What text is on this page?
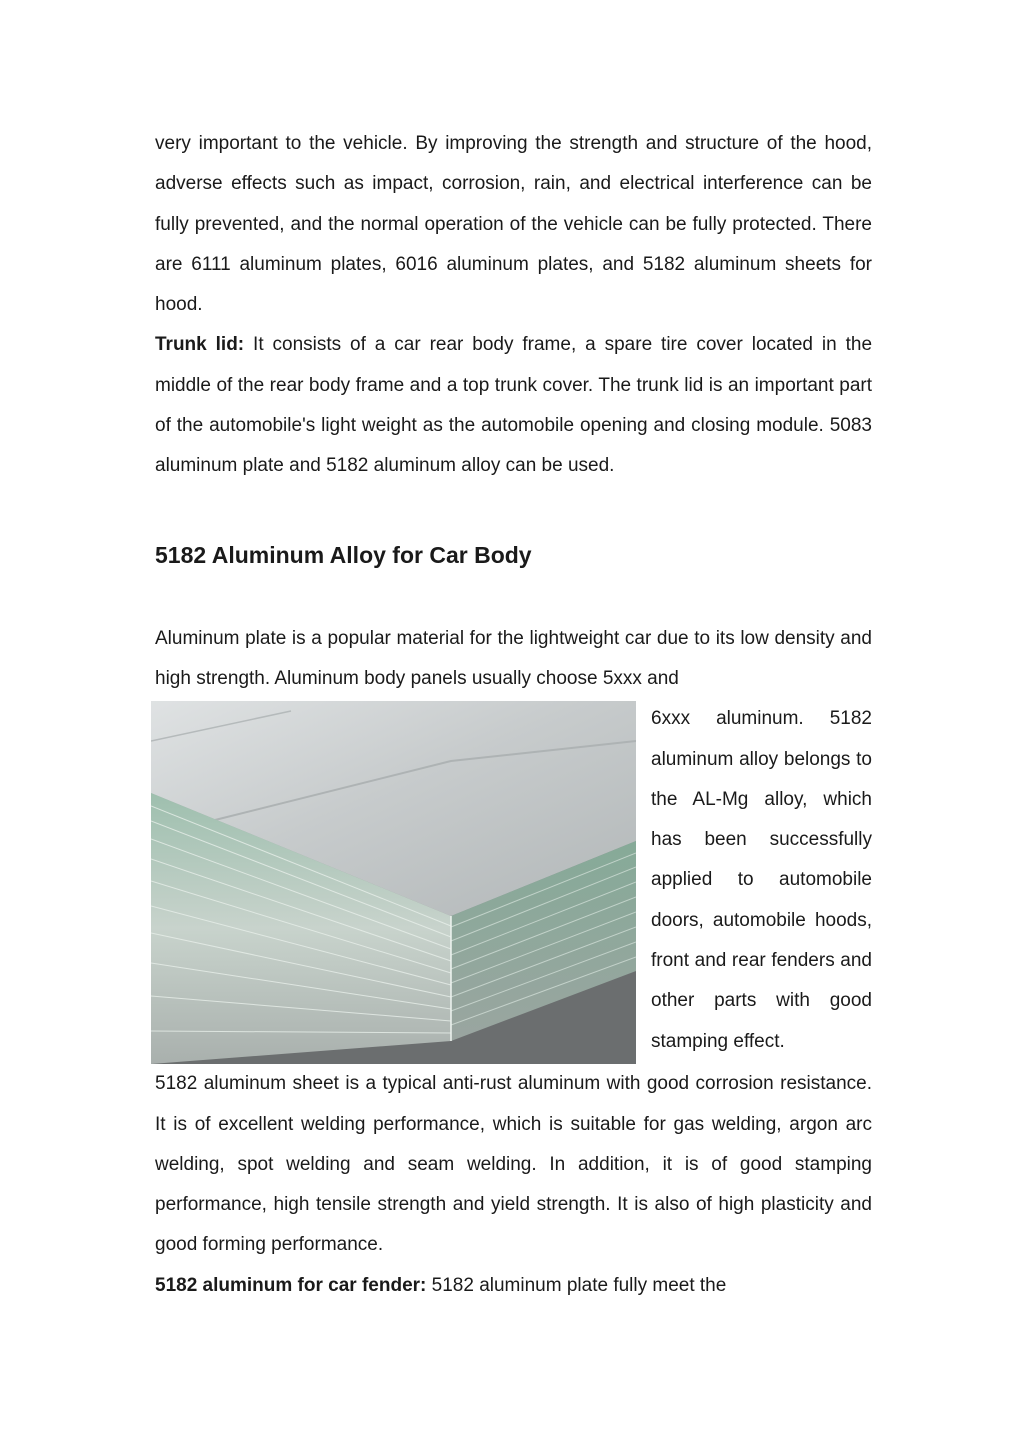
very important to the vehicle. By improving the strength and structure of the hood, adverse effects such as impact, corrosion, rain, and electrical interference can be fully prevented, and the normal operation of the vehicle can be fully protected. There are 6111 aluminum plates, 6016 aluminum plates, and 5182 aluminum sheets for hood.

Trunk lid: It consists of a car rear body frame, a spare tire cover located in the middle of the rear body frame and a top trunk cover. The trunk lid is an important part of the automobile's light weight as the automobile opening and closing module. 5083 aluminum plate and 5182 aluminum alloy can be used.

5182 Aluminum Alloy for Car Body

Aluminum plate is a popular material for the lightweight car due to its low density and high strength. Aluminum body panels usually choose 5xxx and

6xxx aluminum. 5182 aluminum alloy belongs to the AL-Mg alloy, which has been successfully applied to automobile doors, automobile hoods, front and rear fenders and other parts with good stamping effect.

5182 aluminum sheet is a typical anti-rust aluminum with good corrosion resistance. It is of excellent welding performance, which is suitable for gas welding, argon arc welding, spot welding and seam welding. In addition, it is of good stamping performance, high tensile strength and yield strength. It is also of high plasticity and good forming performance.

5182 aluminum for car fender: 5182 aluminum plate fully meet the
